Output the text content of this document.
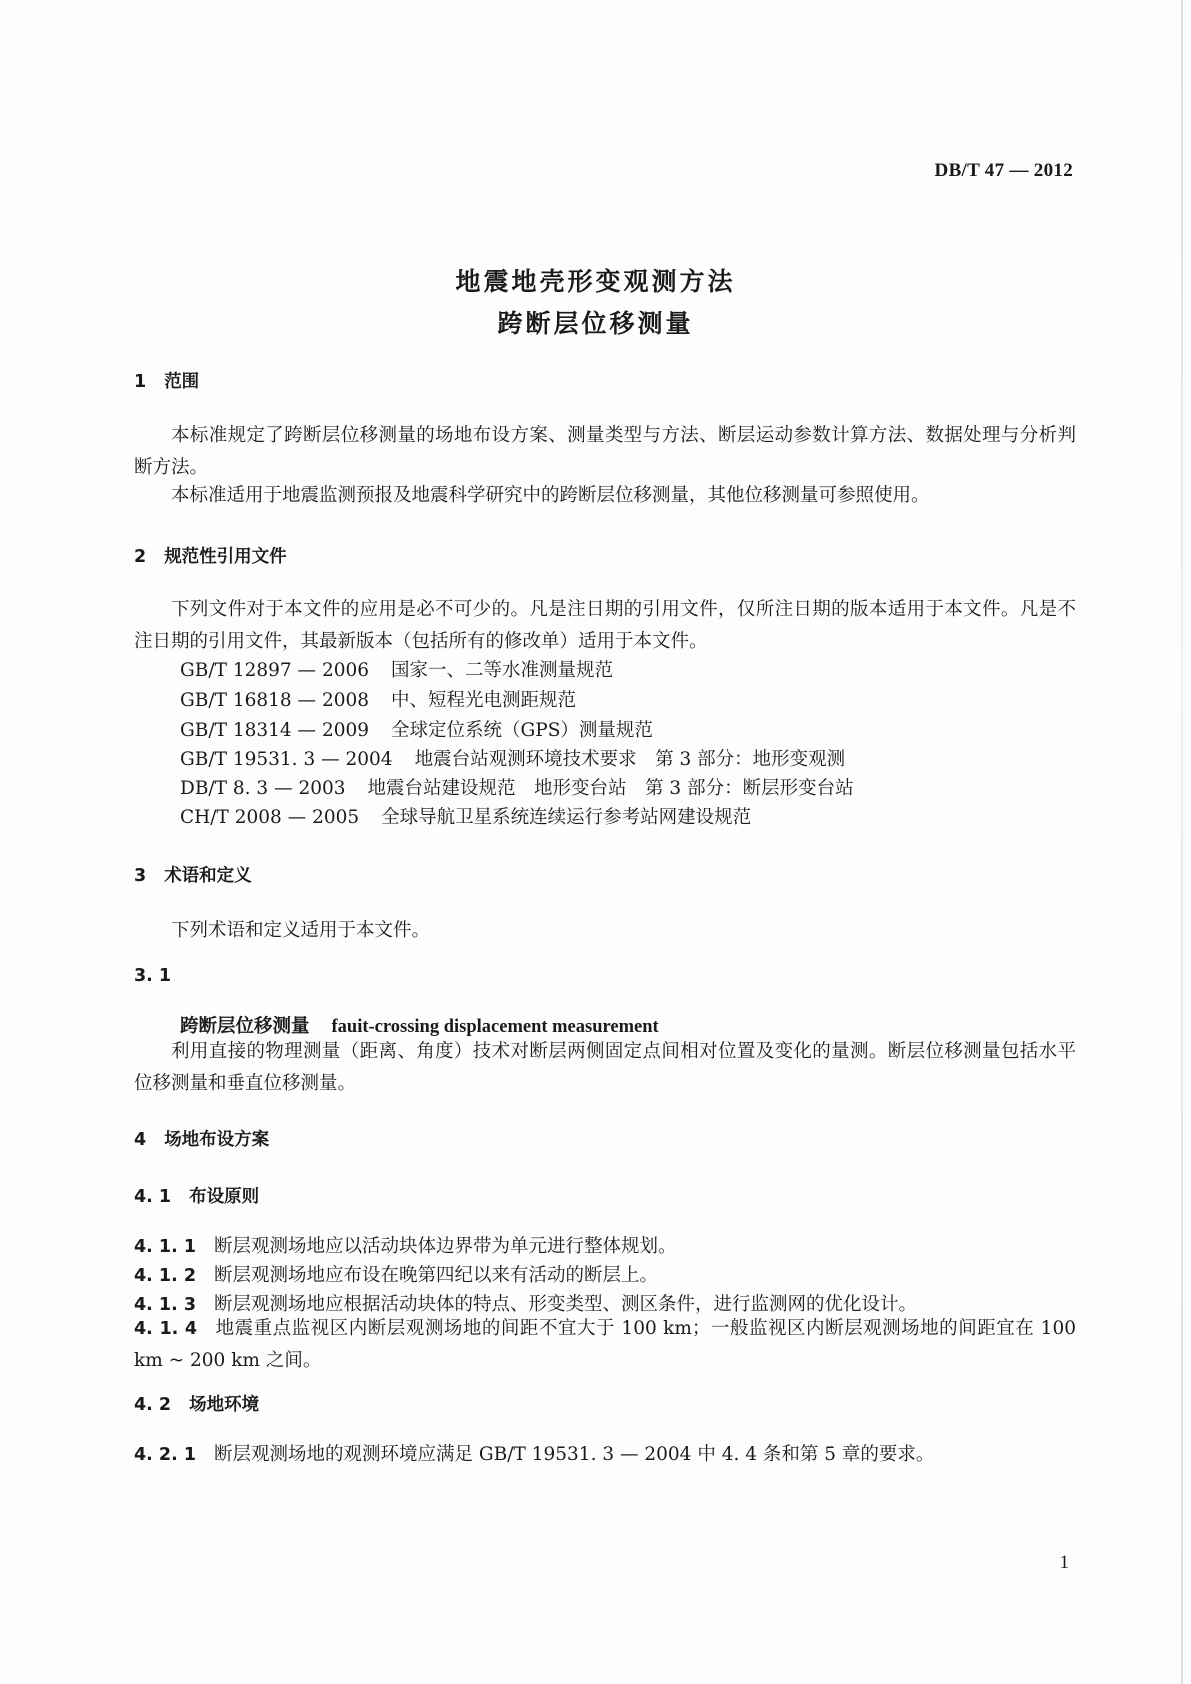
DB/T 47 — 2012
地震地壳形变观测方法
跨断层位移测量
1 范围
本标准规定了跨断层位移测量的场地布设方案、测量类型与方法、断层运动参数计算方法、数据处理与分析判断方法。
本标准适用于地震监测预报及地震科学研究中的跨断层位移测量，其他位移测量可参照使用。
2 规范性引用文件
下列文件对于本文件的应用是必不可少的。凡是注日期的引用文件，仅所注日期的版本适用于本文件。凡是不注日期的引用文件，其最新版本（包括所有的修改单）适用于本文件。
GB/T 12897 — 2006 国家一、二等水准测量规范
GB/T 16818 — 2008 中、短程光电测距规范
GB/T 18314 — 2009 全球定位系统（GPS）测量规范
GB/T 19531. 3 — 2004 地震台站观测环境技术要求　第 3 部分：地形变观测
DB/T 8. 3 — 2003 地震台站建设规范　地形变台站　第 3 部分：断层形变台站
CH/T 2008 — 2005 全球导航卫星系统连续运行参考站网建设规范
3 术语和定义
下列术语和定义适用于本文件。
3. 1
跨断层位移测量 fauit-crossing displacement measurement
利用直接的物理测量（距离、角度）技术对断层两侧固定点间相对位置及变化的量测。断层位移测量包括水平位移测量和垂直位移测量。
4 场地布设方案
4. 1 布设原则
4. 1. 1 断层观测场地应以活动块体边界带为单元进行整体规划。
4. 1. 2 断层观测场地应布设在晚第四纪以来有活动的断层上。
4. 1. 3 断层观测场地应根据活动块体的特点、形变类型、测区条件，进行监测网的优化设计。
4. 1. 4 地震重点监视区内断层观测场地的间距不宜大于 100 km；一般监视区内断层观测场地的间距宜在 100 km ~ 200 km 之间。
4. 2 场地环境
4. 2. 1 断层观测场地的观测环境应满足 GB/T 19531. 3 — 2004 中 4. 4 条和第 5 章的要求。
1
